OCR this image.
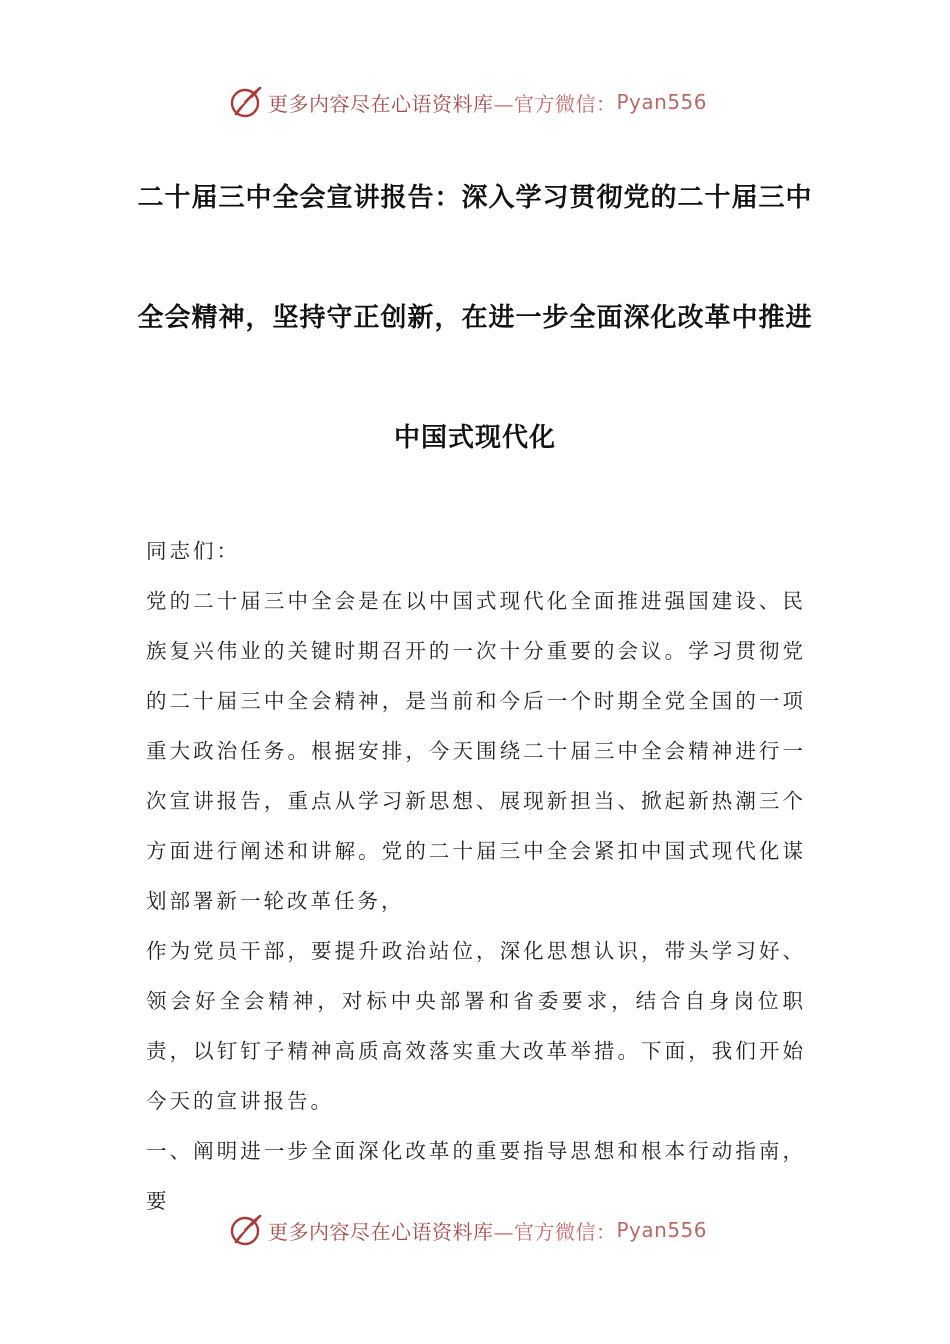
更多内容尽在心语资料库 —官方微信： Pyan556
二十届三中全会宣讲报告：深入学习贯彻党的二十届三中
全会精神，坚持守正创新，在进一步全面深化改革中推进
中国式现代化

同志们：

党的二十届三中全会是在以中国式现代化全面推进强国建设、民族复兴伟业的关键时期召开的一次十分重要的会议。学习贯彻党的二十届三中全会精神，是当前和今后一个时期全党全国的一项重大政治任务。根据安排，今天围绕二十届三中全会精神进行一次宣讲报告，重点从学习新思想、展现新担当、掀起新热潮三个方面进行阐述和讲解。党的二十届三中全会紧扣中国式现代化谋划部署新一轮改革任务，

作为党员干部，要提升政治站位，深化思想认识，带头学习好、领会好全会精神，对标中央部署和省委要求，结合自身岗位职责，以钉钉子精神高质高效落实重大改革举措。下面，我们开始今天的宣讲报告。

一、阐明进一步全面深化改革的重要指导思想和根本行动指南，要

更多内容尽在心语资料库 —官方微信： Pyan556
